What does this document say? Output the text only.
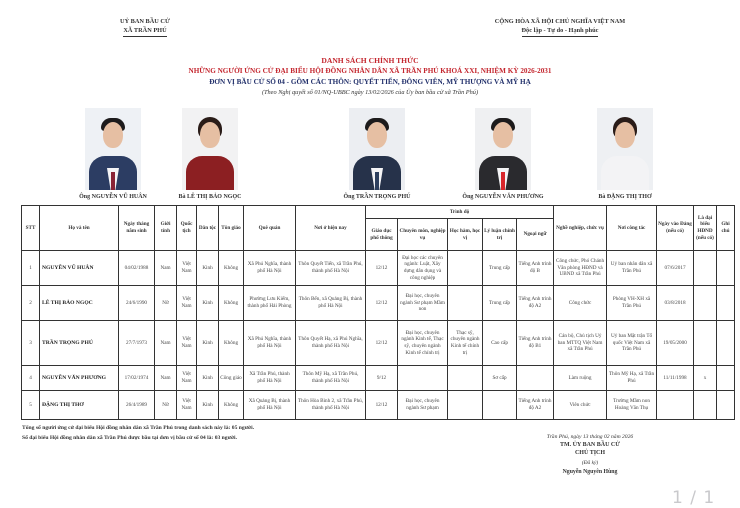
UỶ BAN BẦU CỬ
XÃ TRẦN PHÚ
CỘNG HÒA XÃ HỘI CHỦ NGHĨA VIỆT NAM
Độc lập - Tự do - Hạnh phúc
DANH SÁCH CHÍNH THỨC
NHỮNG NGƯỜI ỨNG CỬ ĐẠI BIỂU HỘI ĐỒNG NHÂN DÂN XÃ TRẦN PHÚ KHOÁ XXI, NHIỆM KỲ 2026-2031
ĐƠN VỊ BẦU CỬ SỐ 04 - GỒM CÁC THÔN: QUYẾT TIẾN, ĐÔNG VIÊN, MỸ THƯỢNG VÀ MỸ HẠ
(Theo Nghị quyết số 01/NQ-UBBC ngày 13/02/2026 của Ủy ban bầu cử xã Trần Phú)
Ông NGUYỄN VŨ HUÂN	Bà LÊ THỊ BẢO NGỌC	Ông TRẦN TRỌNG PHÚ	Ông NGUYỄN VĂN PHƯƠNG	Bà ĐẶNG THỊ THƠ
STT	Họ và tên	Ngày tháng năm sinh	Giới tính	Quốc tịch	Dân tộc	Tôn giáo	Quê quán	Nơi ở hiện nay	Trình độ					Nghề nghiệp, chức vụ	Nơi công tác	Ngày vào Đảng (nếu có)	Là đại biểu HĐND (nếu có)	Ghi chú
									Giáo dục phổ thông	Chuyên môn, nghiệp vụ	Học hàm, học vị	Lý luận chính trị	Ngoại ngữ					
1	NGUYỄN VŨ HUÂN	04/02/1988	Nam	Việt Nam	Kinh	Không	Xã Phú Nghĩa, thành phố Hà Nội	Thôn Quyết Tiến, xã Trần Phú, thành phố Hà Nội	12/12	Đại học các chuyên ngành: Luật, Xây dựng dân dụng và công nghiệp		Trung cấp	Tiếng Anh trình độ B	Công chức, Phó Chánh Văn phòng HĐND và UBND xã Trần Phú	Uỷ ban nhân dân xã Trần Phú	07/6/2017		
2	LÊ THỊ BẢO NGỌC	24/6/1990	Nữ	Việt Nam	Kinh	Không	Phường Lưu Kiếm, thành phố Hải Phòng	Thôn Bến, xã Quảng Bị, thành phố Hà Nội	12/12	Đại học, chuyên ngành Sư phạm Mầm non		Trung cấp	Tiếng Anh trình độ A2	Công chức	Phòng VH-XH xã Trần Phú	03/8/2018		
3	TRẦN TRỌNG PHÚ	27/7/1973	Nam	Việt Nam	Kinh	Không	Xã Phú Nghĩa, thành phố Hà Nội	Thôn Quyết Hạ, xã Phú Nghĩa, thành phố Hà Nội	12/12	Đại học, chuyên ngành Kinh tế, Thạc sỹ, chuyên ngành Kinh tế chính trị	Thạc sỹ, chuyên ngành Kinh tế chính trị	Cao cấp	Tiếng Anh trình độ B1	Cán bộ, Chủ tịch Uỷ ban MTTQ Việt Nam xã Trần Phú	Uỷ ban Mặt trận Tổ quốc Việt Nam xã Trần Phú	19/05/2000		
4	NGUYỄN VĂN PHƯƠNG	17/02/1974	Nam	Việt Nam	Kinh	Công giáo	Xã Trần Phú, thành phố Hà Nội	Thôn Mỹ Hạ, xã Trần Phú, thành phố Hà Nội	9/12			Sơ cấp		Làm ruộng	Thôn Mỹ Hạ, xã Trần Phú	11/11/1998	x	
5	ĐẶNG THỊ THƠ	26/4/1989	Nữ	Việt Nam	Kinh	Không	Xã Quảng Bị, thành phố Hà Nội	Thôn Hòa Bình 2, xã Trần Phú, thành phố Hà Nội	12/12	Đại học, chuyên ngành Sư phạm			Tiếng Anh trình độ A2	Viên chức	Trường Mầm non Hoàng Văn Thụ			
Tổng số người ứng cử đại biểu Hội đồng nhân dân xã Trần Phú trong danh sách này là: 05 người.
Số đại biểu Hội đồng nhân dân xã Trần Phú được bầu tại đơn vị bầu cử số 04 là: 03 người.	Trần Phú, ngày 13 tháng 02 năm 2026
TM. ỦY BAN BẦU CỬ
CHỦ TỊCH
(Đã ký)
Nguyễn Nguyên Hùng
1 / 1
